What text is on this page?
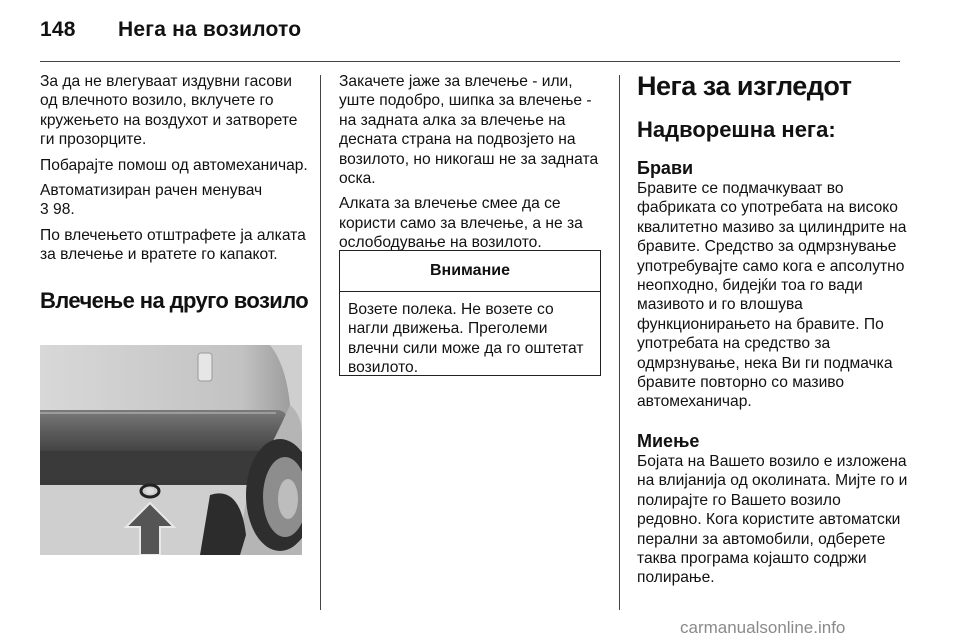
148 Нега на возилото

За да не влегуваат издувни гасови од влечното возило, вклучете го кружењето на воздухот и затворете ги прозорците.

Побарајте помош од автомеханичар.

Автоматизиран рачен менувач
3 98.

По влечењето отштрафете ја алката за влечење и вратете го капакот.

Влечење на друго возило

Закачете јаже за влечење - или, уште подобро, шипка за влечење - на задната алка за влечење на десната страна на подвозјето на возилото, но никогаш не за задната оска.

Алката за влечење смее да се користи само за влечење, а не за ослободување на возилото.

Внимание
Возете полека. Не возете со нагли движења. Преголеми влечни сили може да го оштетат возилото.
Нега за изгледот
Надворешна нега:
Брави

Бравите се подмачкуваат во фабриката со употребата на високо квалитетно мазиво за цилиндрите на бравите. Средство за одмрзнување употребувајте само кога е апсолутно неопходно, бидејќи тоа го вади мазивото и го влошува функционирањето на бравите. По употребата на средство за одмрзнување, нека Ви ги подмачка бравите повторно со мазиво автомеханичар.

Миење

Бојата на Вашето возило е изложена на влијанија од околината. Мијте го и полирајте го Вашето возило редовно. Кога користите автоматски перални за автомобили, одберете таква програма којашто содржи полирање.

carmanualsonline.info
